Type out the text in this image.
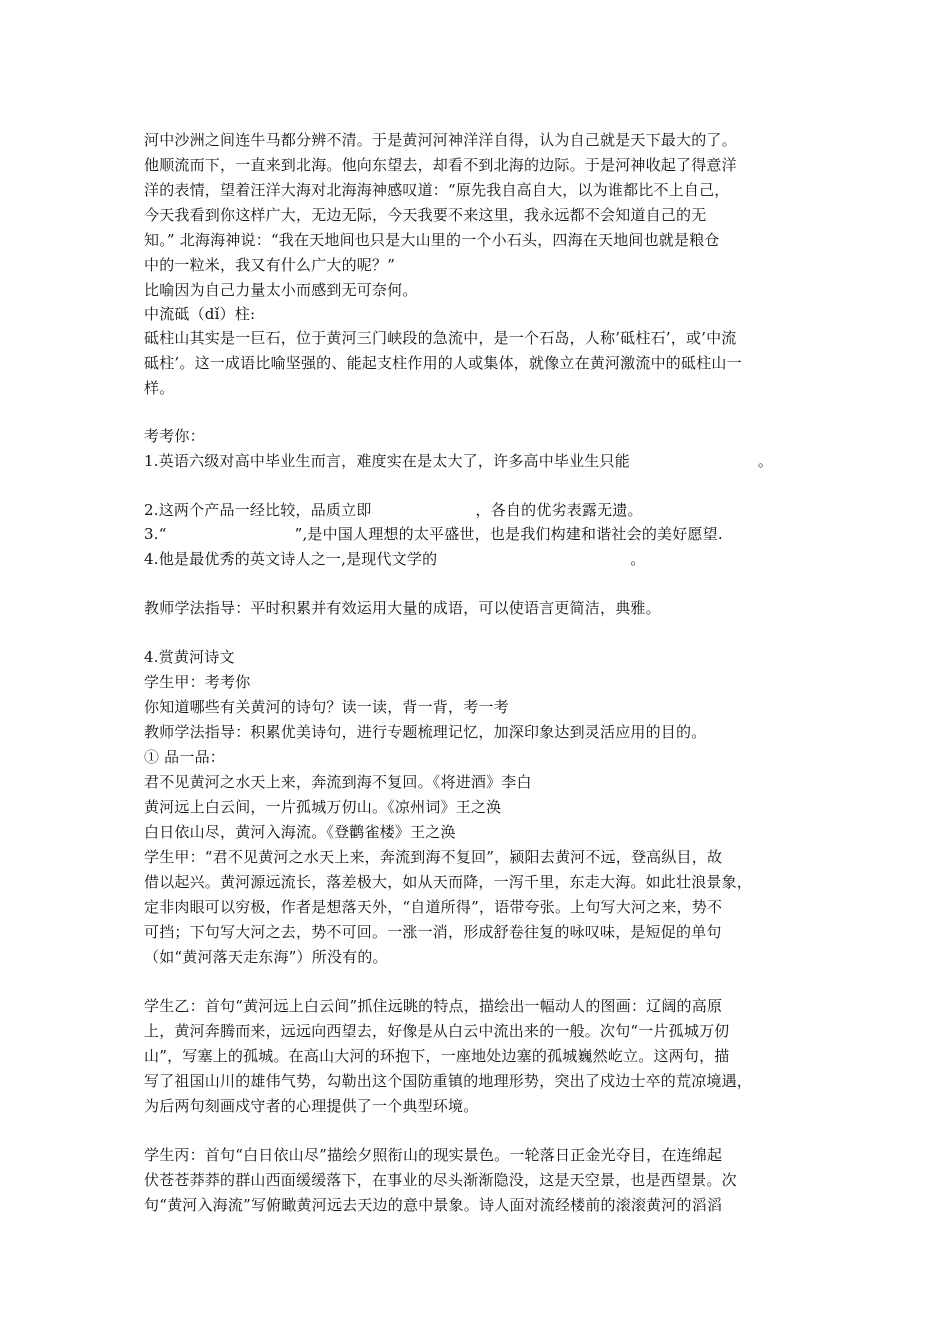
河中沙洲之间连牛马都分辨不清。于是黄河河神洋洋自得，认为自己就是天下最大的了。
他顺流而下，一直来到北海。他向东望去，却看不到北海的边际。于是河神收起了得意洋
洋的表情，望着汪洋大海对北海海神感叹道：“原先我自高自大，以为谁都比不上自己，
今天我看到你这样广大，无边无际，今天我要不来这里，我永远都不会知道自己的无
知。” 北海海神说：“我在天地间也只是大山里的一个小石头，四海在天地间也就是粮仓
中的一粒米，我又有什么广大的呢？”
比喻因为自己力量太小而感到无可奈何。
中流砥（dǐ）柱:
砥柱山其实是一巨石，位于黄河三门峡段的急流中，是一个石岛，人称’砥柱石’，或’中流
砥柱’。这一成语比喻坚强的、能起支柱作用的人或集体，就像立在黄河激流中的砥柱山一
样。
考考你：
1.英语六级对高中毕业生而言，难度实在是太大了，许多高中毕业生只能	。
2.这两个产品一经比较，品质立即	，各自的优劣表露无遗。
3.“	”,是中国人理想的太平盛世，也是我们构建和谐社会的美好愿望.
4.他是最优秀的英文诗人之一,是现代文学的	。
教师学法指导：平时积累并有效运用大量的成语，可以使语言更简洁，典雅。
4.赏黄河诗文
学生甲：考考你
你知道哪些有关黄河的诗句？读一读，背一背，考一考
教师学法指导：积累优美诗句，进行专题梳理记忆，加深印象达到灵活应用的目的。
① 品一品：
君不见黄河之水天上来，奔流到海不复回。《将进酒》李白
黄河远上白云间，一片孤城万仞山。《凉州词》王之涣
白日依山尽，黄河入海流。《登鹳雀楼》王之涣
学生甲：“君不见黄河之水天上来，奔流到海不复回”，颍阳去黄河不远，登高纵目，故
借以起兴。黄河源远流长，落差极大，如从天而降，一泻千里，东走大海。如此壮浪景象，
定非肉眼可以穷极，作者是想落天外，“自道所得”，语带夸张。上句写大河之来，势不
可挡；下句写大河之去，势不可回。一涨一消，形成舒卷往复的咏叹味，是短促的单句
（如“黄河落天走东海”）所没有的。
学生乙：首句“黄河远上白云间”抓住远眺的特点，描绘出一幅动人的图画：辽阔的高原
上，黄河奔腾而来，远远向西望去，好像是从白云中流出来的一般。次句“一片孤城万仞
山”，写塞上的孤城。在高山大河的环抱下，一座地处边塞的孤城巍然屹立。这两句，描
写了祖国山川的雄伟气势，勾勒出这个国防重镇的地理形势，突出了戍边士卒的荒凉境遇，
为后两句刻画戍守者的心理提供了一个典型环境。
学生丙：首句“白日依山尽”描绘夕照衔山的现实景色。一轮落日正金光夺目，在连绵起
伏苍苍莽莽的群山西面缓缓落下，在事业的尽头渐渐隐没，这是天空景，也是西望景。次
句“黄河入海流”写俯瞰黄河远去天边的意中景象。诗人面对流经楼前的滚滚黄河的滔滔
